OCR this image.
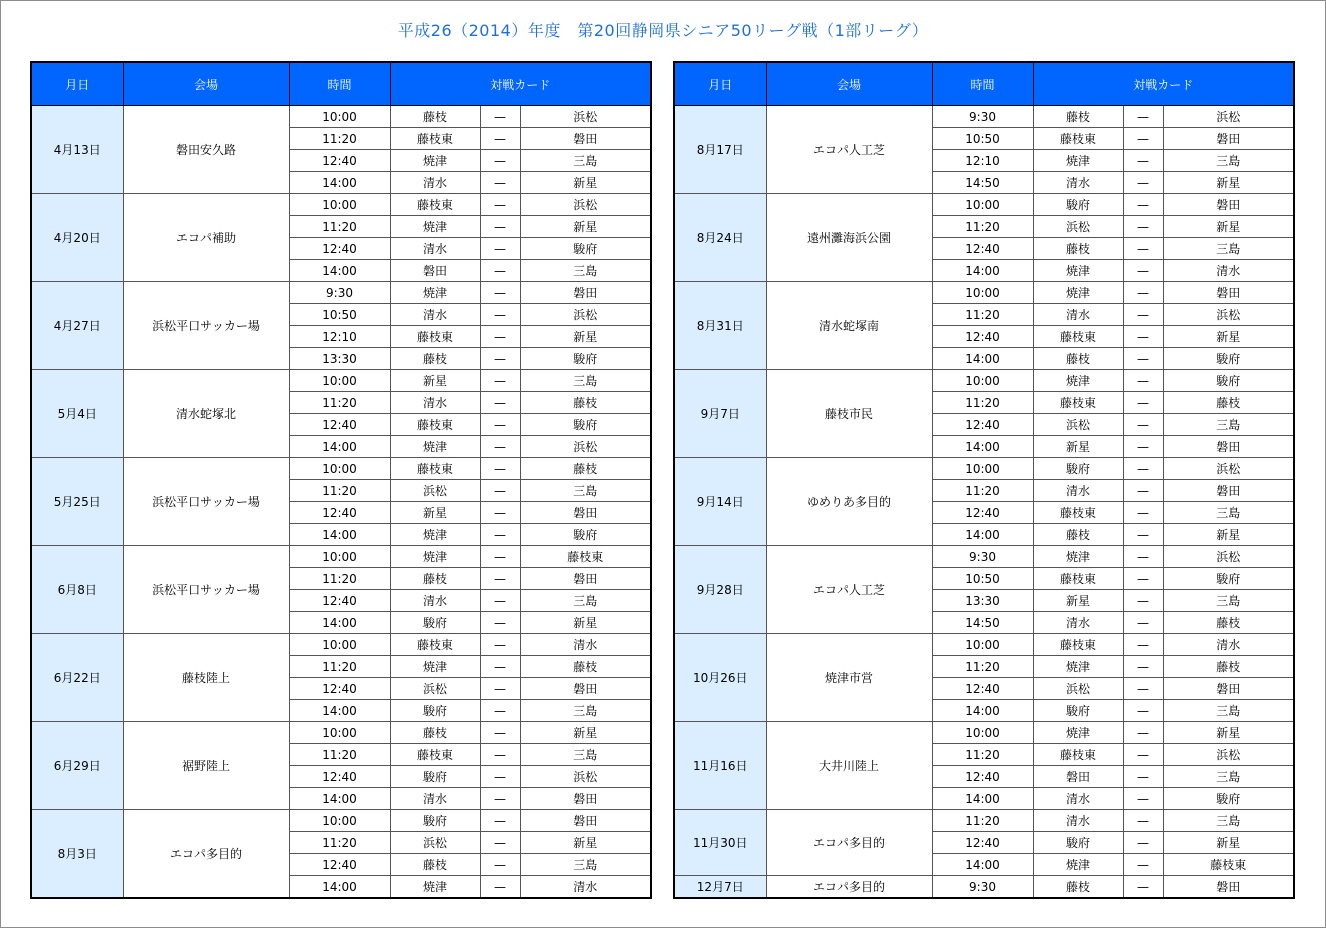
平成26（2014）年度　第20回静岡県シニア50リーグ戦（1部リーグ）
月日	会場	時間	対戦カード		
4月13日	磐田安久路	10:00	藤枝	—	浜松
		11:20	藤枝東	—	磐田
		12:40	焼津	—	三島
		14:00	清水	—	新星
4月20日	エコパ補助	10:00	藤枝東	—	浜松
		11:20	焼津	—	新星
		12:40	清水	—	駿府
		14:00	磐田	—	三島
4月27日	浜松平口サッカー場	9:30	焼津	—	磐田
		10:50	清水	—	浜松
		12:10	藤枝東	—	新星
		13:30	藤枝	—	駿府
5月4日	清水蛇塚北	10:00	新星	—	三島
		11:20	清水	—	藤枝
		12:40	藤枝東	—	駿府
		14:00	焼津	—	浜松
5月25日	浜松平口サッカー場	10:00	藤枝東	—	藤枝
		11:20	浜松	—	三島
		12:40	新星	—	磐田
		14:00	焼津	—	駿府
6月8日	浜松平口サッカー場	10:00	焼津	—	藤枝東
		11:20	藤枝	—	磐田
		12:40	清水	—	三島
		14:00	駿府	—	新星
6月22日	藤枝陸上	10:00	藤枝東	—	清水
		11:20	焼津	—	藤枝
		12:40	浜松	—	磐田
		14:00	駿府	—	三島
6月29日	裾野陸上	10:00	藤枝	—	新星
		11:20	藤枝東	—	三島
		12:40	駿府	—	浜松
		14:00	清水	—	磐田
8月3日	エコパ多目的	10:00	駿府	—	磐田
		11:20	浜松	—	新星
		12:40	藤枝	—	三島
		14:00	焼津	—	清水
月日	会場	時間	対戦カード		
8月17日	エコパ人工芝	9:30	藤枝	—	浜松
		10:50	藤枝東	—	磐田
		12:10	焼津	—	三島
		14:50	清水	—	新星
8月24日	遠州灘海浜公園	10:00	駿府	—	磐田
		11:20	浜松	—	新星
		12:40	藤枝	—	三島
		14:00	焼津	—	清水
8月31日	清水蛇塚南	10:00	焼津	—	磐田
		11:20	清水	—	浜松
		12:40	藤枝東	—	新星
		14:00	藤枝	—	駿府
9月7日	藤枝市民	10:00	焼津	—	駿府
		11:20	藤枝東	—	藤枝
		12:40	浜松	—	三島
		14:00	新星	—	磐田
9月14日	ゆめりあ多目的	10:00	駿府	—	浜松
		11:20	清水	—	磐田
		12:40	藤枝東	—	三島
		14:00	藤枝	—	新星
9月28日	エコパ人工芝	9:30	焼津	—	浜松
		10:50	藤枝東	—	駿府
		13:30	新星	—	三島
		14:50	清水	—	藤枝
10月26日	焼津市営	10:00	藤枝東	—	清水
		11:20	焼津	—	藤枝
		12:40	浜松	—	磐田
		14:00	駿府	—	三島
11月16日	大井川陸上	10:00	焼津	—	新星
		11:20	藤枝東	—	浜松
		12:40	磐田	—	三島
		14:00	清水	—	駿府
11月30日	エコパ多目的	11:20	清水	—	三島
		12:40	駿府	—	新星
		14:00	焼津	—	藤枝東
12月7日	エコパ多目的	9:30	藤枝	—	磐田
